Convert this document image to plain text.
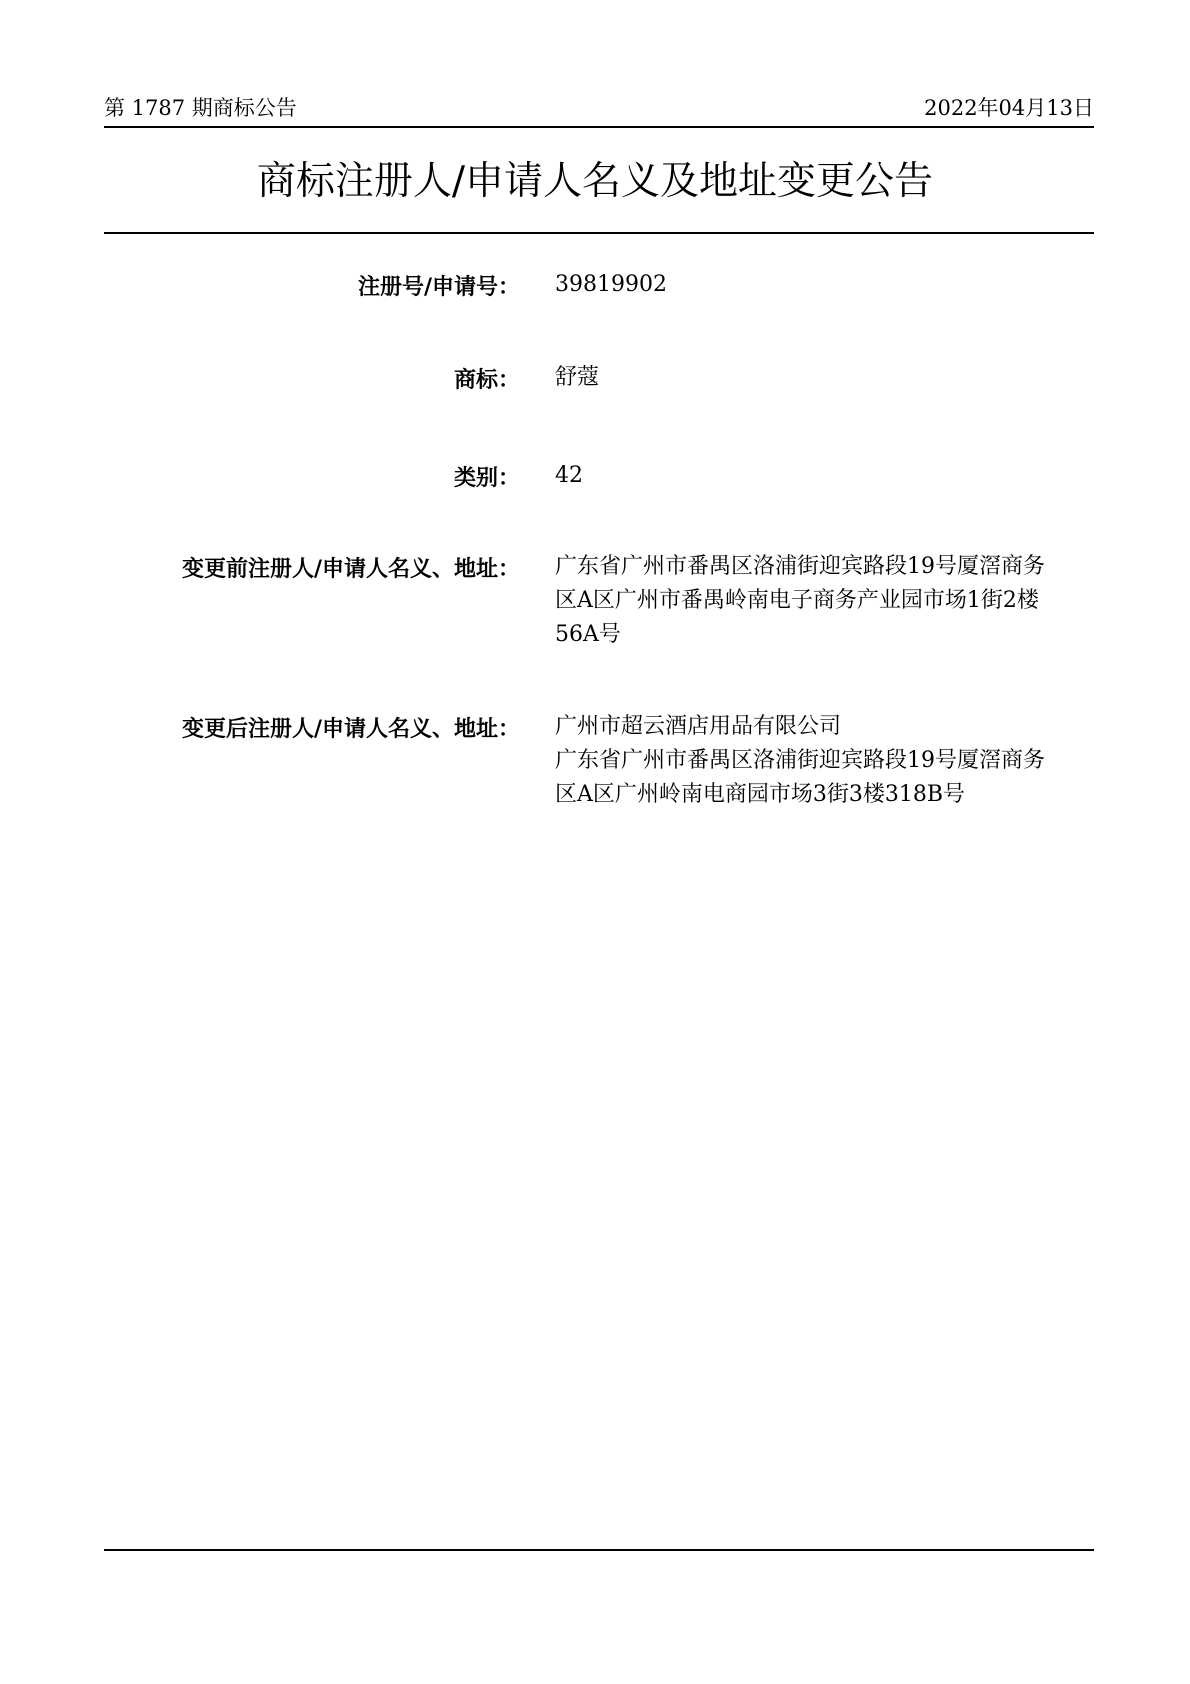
第 1787 期商标公告	2022年04月13日
商标注册人/申请人名义及地址变更公告
注册号/申请号： 39819902
商标： 舒蔻
类别： 42
变更前注册人/申请人名义、地址： 广东省广州市番禺区洛浦街迎宾路段19号厦滘商务
区A区广州市番禺岭南电子商务产业园市场1街2楼
56A号
变更后注册人/申请人名义、地址： 广州市超云酒店用品有限公司
广东省广州市番禺区洛浦街迎宾路段19号厦滘商务
区A区广州岭南电商园市场3街3楼318B号
